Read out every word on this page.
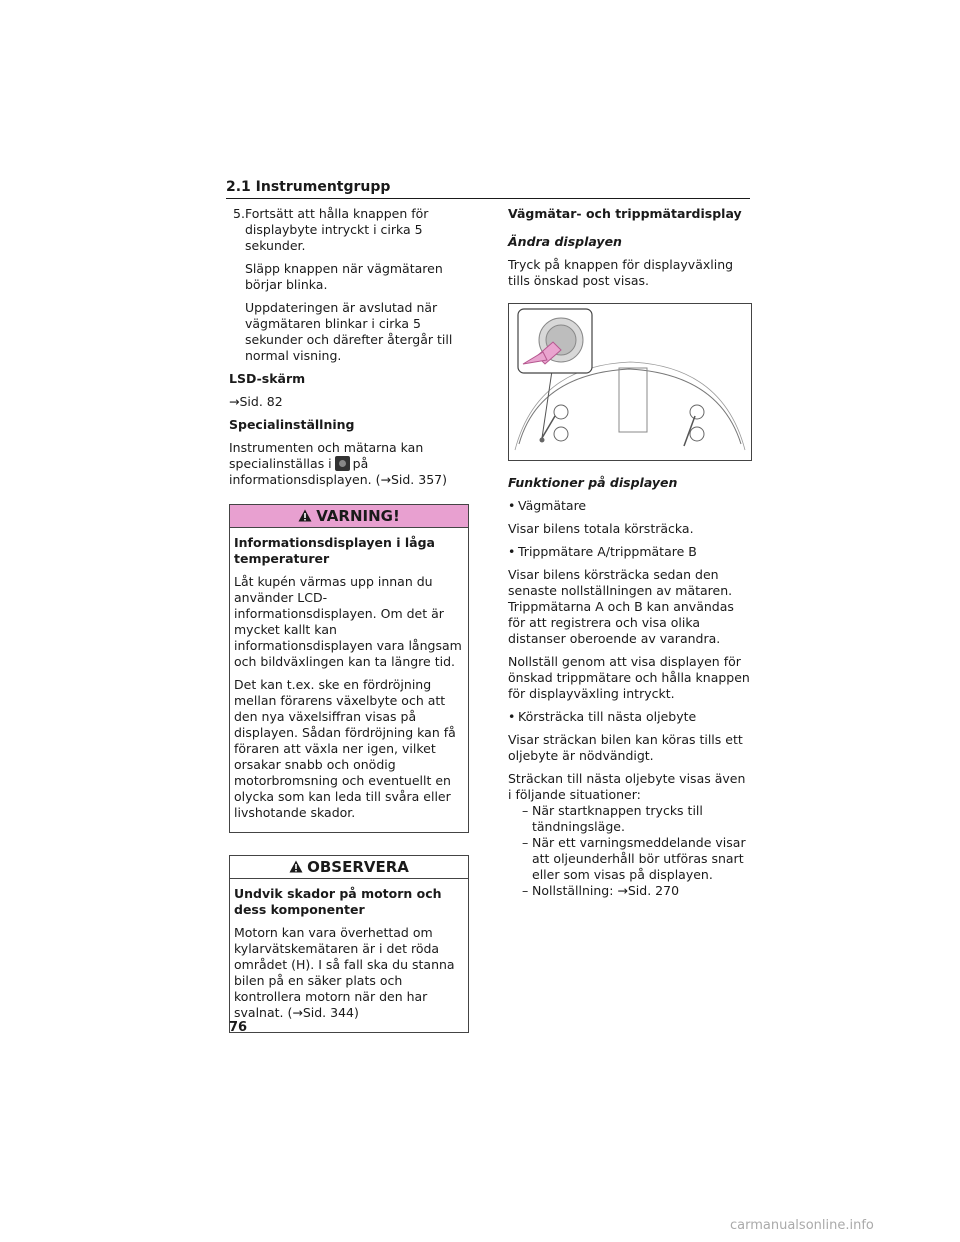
2.1 Instrumentgrupp
5. Fortsätt att hålla knappen för displaybyte intryckt i cirka 5 sekunder.

Släpp knappen när vägmätaren börjar blinka.

Uppdateringen är avslutad när vägmätaren blinkar i cirka 5 sekunder och därefter återgår till normal visning.

LSD-skärm

→Sid. 82

Specialinställning

Instrumenten och mätarna kan specialinställas i på informationsdisplayen. (→Sid. 357)

VARNING!

Informationsdisplayen i låga temperaturer

Låt kupén värmas upp innan du använder LCD-informationsdisplayen. Om det är mycket kallt kan informationsdisplayen vara långsam och bildväxlingen kan ta längre tid.

Det kan t.ex. ske en fördröjning mellan förarens växelbyte och att den nya växelsiffran visas på displayen. Sådan fördröjning kan få föraren att växla ner igen, vilket orsakar snabb och onödig motorbromsning och eventuellt en olycka som kan leda till svåra eller livshotande skador.

OBSERVERA

Undvik skador på motorn och dess komponenter

Motorn kan vara överhettad om kylarvätskemätaren är i det röda området (H). I så fall ska du stanna bilen på en säker plats och kontrollera motorn när den har svalnat. (→Sid. 344)

Vägmätar- och trippmätardisplay

Ändra displayen

Tryck på knappen för displayväxling tills önskad post visas.

Funktioner på displayen

• Vägmätare

Visar bilens totala körsträcka.

• Trippmätare A/trippmätare B

Visar bilens körsträcka sedan den senaste nollställningen av mätaren. Trippmätarna A och B kan användas för att registrera och visa olika distanser oberoende av varandra.

Nollställ genom att visa displayen för önskad trippmätare och hålla knappen för displayväxling intryckt.

• Körsträcka till nästa oljebyte

Visar sträckan bilen kan köras tills ett oljebyte är nödvändigt.

Sträckan till nästa oljebyte visas även i följande situationer:

– När startknappen trycks till tändningsläge.
– När ett varningsmeddelande visar att oljeunderhåll bör utföras snart eller som visas på displayen.
– Nollställning: →Sid. 270
76
carmanualsonline.info
